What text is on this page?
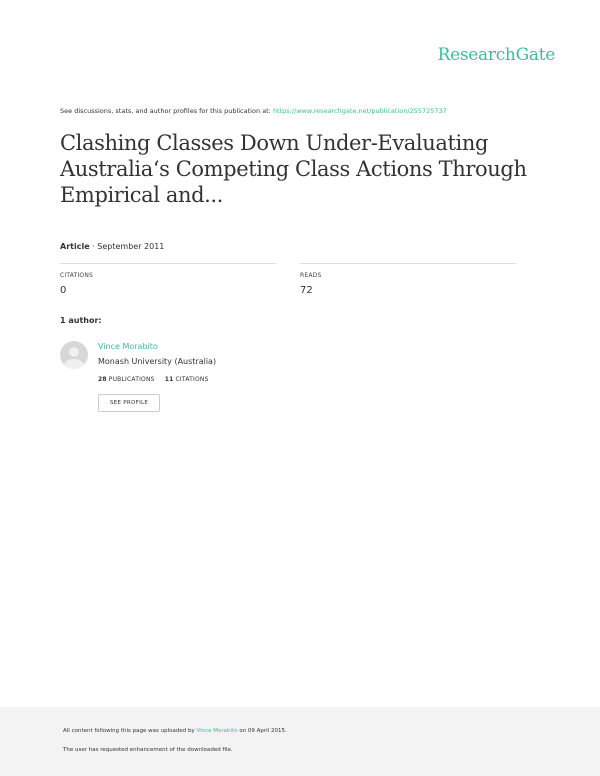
ResearchGate
See discussions, stats, and author profiles for this publication at: https://www.researchgate.net/publication/255725737
Clashing Classes Down Under-Evaluating Australia‘s Competing Class Actions Through Empirical and...
Article · September 2011
CITATIONS
0
READS
72
1 author:
Vince Morabito
Monash University (Australia)
28 PUBLICATIONS 11 CITATIONS
SEE PROFILE
All content following this page was uploaded by Vince Morabito on 09 April 2015.
The user has requested enhancement of the downloaded file.
